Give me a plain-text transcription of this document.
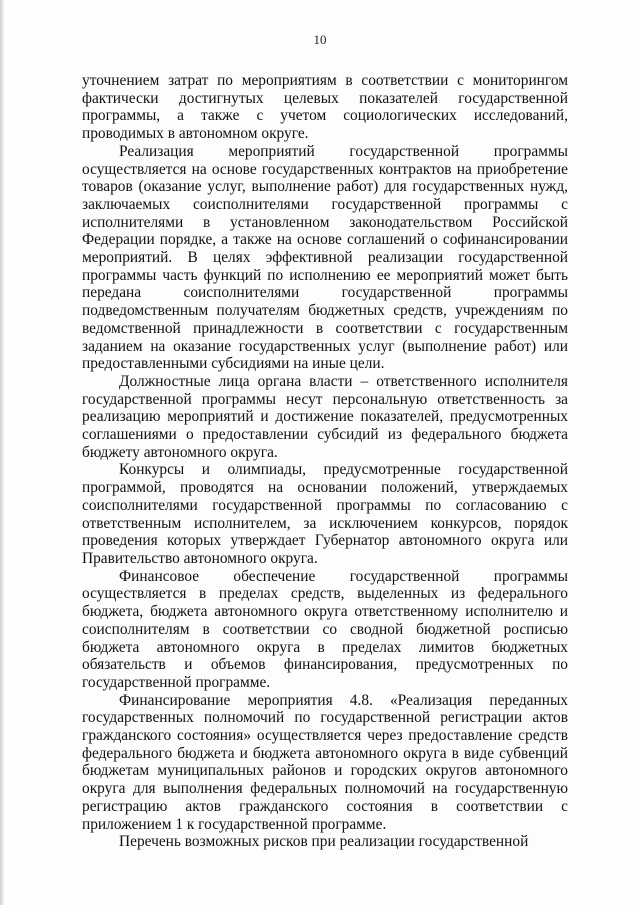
10

уточнением затрат по мероприятиям в соответствии с мониторингом фактически достигнутых целевых показателей государственной программы, а также с учетом социологических исследований, проводимых в автономном округе.

Реализация мероприятий государственной программы осуществляется на основе государственных контрактов на приобретение товаров (оказание услуг, выполнение работ) для государственных нужд, заключаемых соисполнителями государственной программы с исполнителями в установленном законодательством Российской Федерации порядке, а также на основе соглашений о софинансировании мероприятий. В целях эффективной реализации государственной программы часть функций по исполнению ее мероприятий может быть передана соисполнителями государственной программы подведомственным получателям бюджетных средств, учреждениям по ведомственной принадлежности в соответствии с государственным заданием на оказание государственных услуг (выполнение работ) или предоставленными субсидиями на иные цели.

Должностные лица органа власти – ответственного исполнителя государственной программы несут персональную ответственность за реализацию мероприятий и достижение показателей, предусмотренных соглашениями о предоставлении субсидий из федерального бюджета бюджету автономного округа.

Конкурсы и олимпиады, предусмотренные государственной программой, проводятся на основании положений, утверждаемых соисполнителями государственной программы по согласованию с ответственным исполнителем, за исключением конкурсов, порядок проведения которых утверждает Губернатор автономного округа или Правительство автономного округа.

Финансовое обеспечение государственной программы осуществляется в пределах средств, выделенных из федерального бюджета, бюджета автономного округа ответственному исполнителю и соисполнителям в соответствии со сводной бюджетной росписью бюджета автономного округа в пределах лимитов бюджетных обязательств и объемов финансирования, предусмотренных по государственной программе.

Финансирование мероприятия 4.8. «Реализация переданных государственных полномочий по государственной регистрации актов гражданского состояния» осуществляется через предоставление средств федерального бюджета и бюджета автономного округа в виде субвенций бюджетам муниципальных районов и городских округов автономного округа для выполнения федеральных полномочий на государственную регистрацию актов гражданского состояния в соответствии с приложением 1 к государственной программе.

Перечень возможных рисков при реализации государственной
